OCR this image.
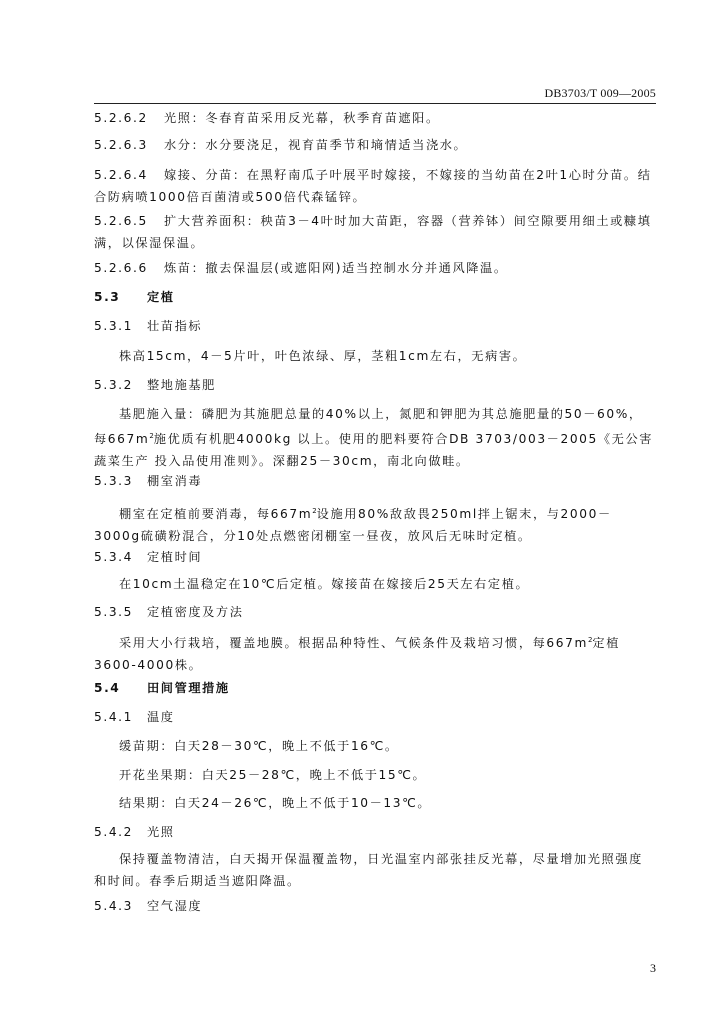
DB3703/T 009—2005
5.2.6.2 光照：冬春育苗采用反光幕，秋季育苗遮阳。
5.2.6.3 水分：水分要浇足，视育苗季节和墒情适当浇水。
5.2.6.4 嫁接、分苗：在黑籽南瓜子叶展平时嫁接，不嫁接的当幼苗在2叶1心时分苗。结合防病喷1000倍百菌清或500倍代森锰锌。
5.2.6.5 扩大营养面积：秧苗3－4叶时加大苗距，容器（营养钵）间空隙要用细土或糠填满，以保湿保温。
5.2.6.6 炼苗：撤去保温层(或遮阳网)适当控制水分并通风降温。
5.3 定植
5.3.1 壮苗指标
株高15cm，4－5片叶，叶色浓绿、厚，茎粗1cm左右，无病害。
5.3.2 整地施基肥
基肥施入量：磷肥为其施肥总量的40%以上，氮肥和钾肥为其总施肥量的50－60%，每$667m^2$施优质有机肥4000kg 以上。使用的肥料要符合DB 3703/003－2005《无公害蔬菜生产 投入品使用准则》。深翻25－30cm，南北向做畦。
5.3.3 棚室消毒
棚室在定植前要消毒，每$667m^2$设施用80%敌敌畏250ml拌上锯末，与2000－3000g硫磺粉混合，分10处点燃密闭棚室一昼夜，放风后无味时定植。
5.3.4 定植时间
在10cm土温稳定在10℃后定植。嫁接苗在嫁接后25天左右定植。
5.3.5 定植密度及方法
采用大小行栽培，覆盖地膜。根据品种特性、气候条件及栽培习惯，每$667m^2$定植3600-4000株。
5.4 田间管理措施
5.4.1 温度
缓苗期：白天28－30℃，晚上不低于16℃。
开花坐果期：白天25－28℃，晚上不低于15℃。
结果期：白天24－26℃，晚上不低于10－13℃。
5.4.2 光照
保持覆盖物清洁，白天揭开保温覆盖物，日光温室内部张挂反光幕，尽量增加光照强度和时间。春季后期适当遮阳降温。
5.4.3 空气湿度
3
